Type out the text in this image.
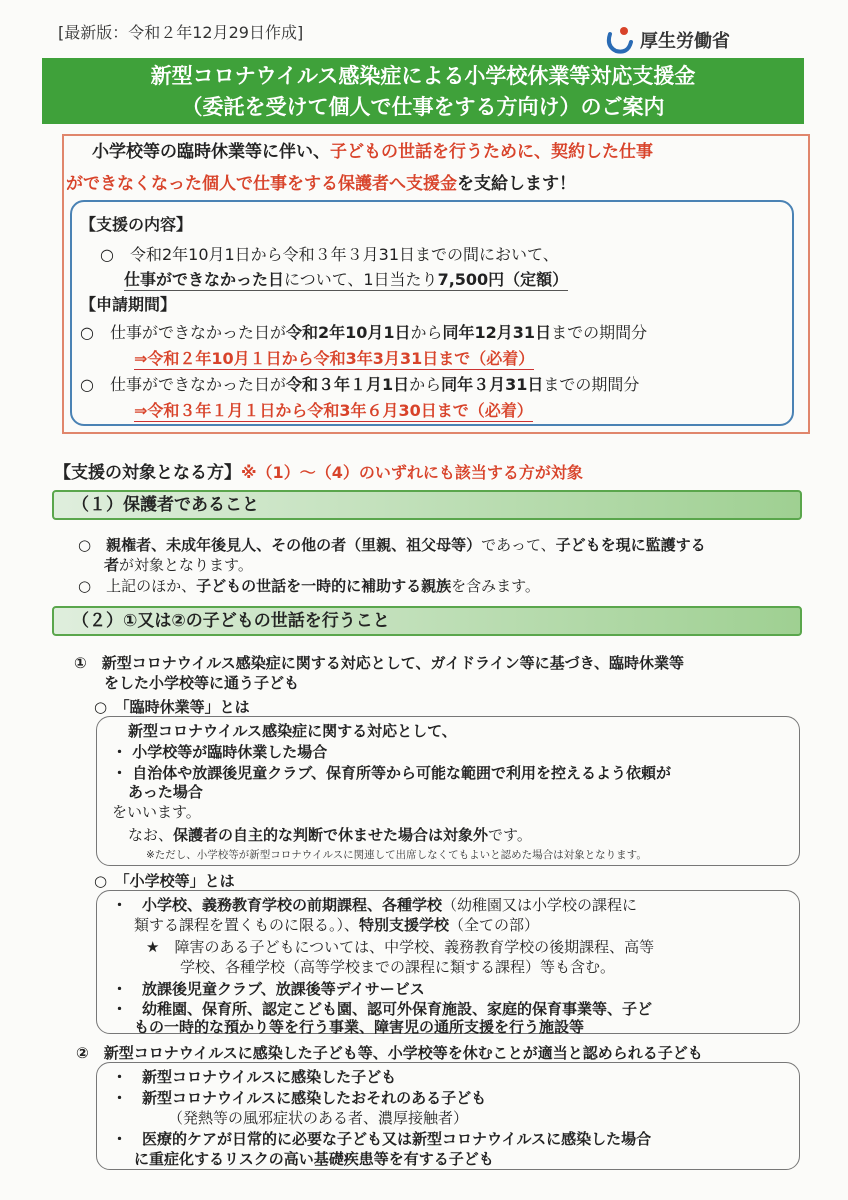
[最新版：令和２年12月29日作成]	厚生労働省
新型コロナウイルス感染症による小学校休業等対応支援金
（委託を受けて個人で仕事をする方向け）のご案内
小学校等の臨時休業等に伴い、子どもの世話を行うために、契約した仕事
ができなくなった個人で仕事をする保護者へ支援金を支給します！
【支援の内容】
○　令和2年10月1日から令和３年３月31日までの間において、
仕事ができなかった日について、1日当たり7,500円（定額）
【申請期間】
○　仕事ができなかった日が令和2年10月1日から同年12月31日までの期間分
⇒令和２年10月１日から令和3年3月31日まで（必着）
○　仕事ができなかった日が令和３年１月1日から同年３月31日までの期間分
⇒令和３年１月１日から令和3年６月30日まで（必着）
【支援の対象となる方】※（1）～（4）のいずれにも該当する方が対象
（１）保護者であること
○　親権者、未成年後見人、その他の者（里親、祖父母等）であって、子どもを現に監護する
者が対象となります。
○　上記のほか、子どもの世話を一時的に補助する親族を含みます。
（２）①又は②の子どもの世話を行うこと
①　新型コロナウイルス感染症に関する対応として、ガイドライン等に基づき、臨時休業等
をした小学校等に通う子ども
○　「臨時休業等」とは
新型コロナウイルス感染症に関する対応として、
・ 小学校等が臨時休業した場合
・ 自治体や放課後児童クラブ、保育所等から可能な範囲で利用を控えるよう依頼が
あった場合
をいいます。
なお、保護者の自主的な判断で休ませた場合は対象外です。
※ただし、小学校等が新型コロナウイルスに関連して出席しなくてもよいと認めた場合は対象となります。
○　「小学校等」とは
・　小学校、義務教育学校の前期課程、各種学校（幼稚園又は小学校の課程に
類する課程を置くものに限る。）、特別支援学校（全ての部）
★　障害のある子どもについては、中学校、義務教育学校の後期課程、高等
学校、各種学校（高等学校までの課程に類する課程）等も含む。
・　放課後児童クラブ、放課後等デイサービス
・　幼稚園、保育所、認定こども園、認可外保育施設、家庭的保育事業等、子ど
もの一時的な預かり等を行う事業、障害児の通所支援を行う施設等
②　新型コロナウイルスに感染した子ども等、小学校等を休むことが適当と認められる子ども
・　新型コロナウイルスに感染した子ども
・　新型コロナウイルスに感染したおそれのある子ども
（発熱等の風邪症状のある者、濃厚接触者）
・　医療的ケアが日常的に必要な子ども又は新型コロナウイルスに感染した場合
に重症化するリスクの高い基礎疾患等を有する子ども
